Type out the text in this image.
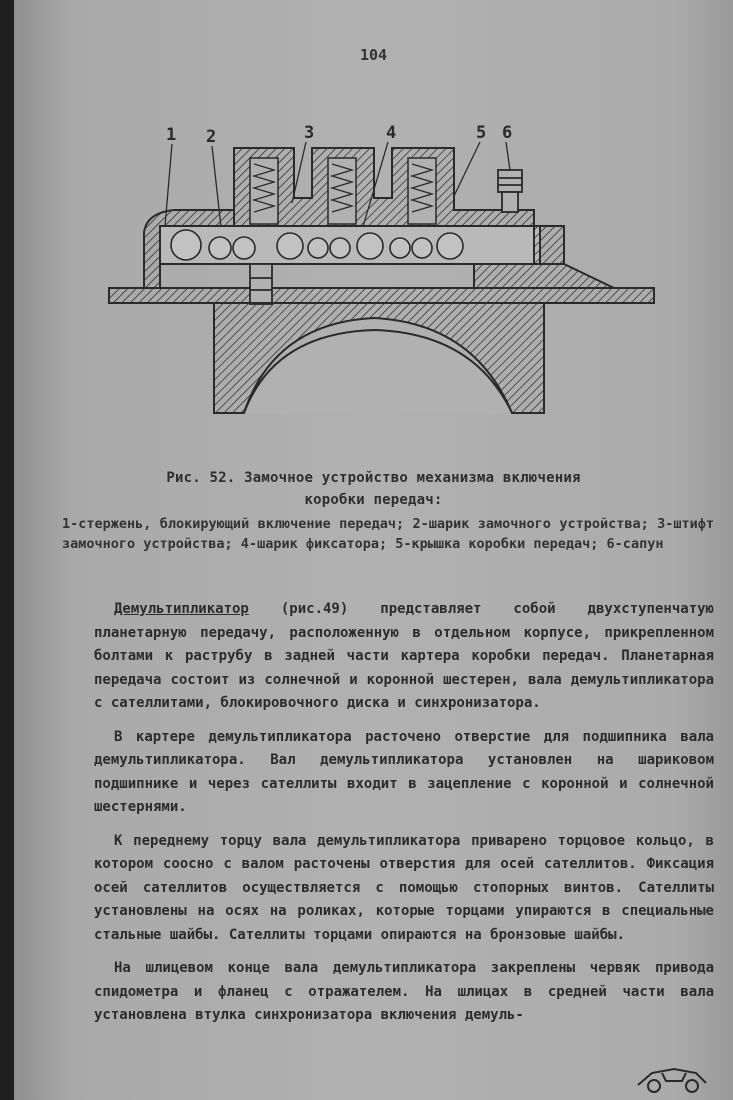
104
1 2	3	4	5 6
Рис. 52. Замочное устройство механизма включения
коробки передач:
1-стержень, блокирующий включение передач; 2-шарик замочного устройства; 3-штифт замочного устройства; 4-шарик фиксатора; 5-крышка коробки передач; 6-сапун

Демультипликатор (рис.49) представляет собой двухступенчатую планетарную передачу, расположенную в отдельном корпусе, прикрепленном болтами к раструбу в задней части картера коробки передач. Планетарная передача состоит из солнечной и коронной шестерен, вала демультипликатора с сателлитами, блокировочного диска и синхронизатора.

В картере демультипликатора расточено отверстие для подшипника вала демультипликатора. Вал демультипликатора установлен на шариковом подшипнике и через сателлиты входит в зацепление с коронной и солнечной шестернями.

К переднему торцу вала демультипликатора приварено торцовое кольцо, в котором соосно с валом расточены отверстия для осей сателлитов. Фиксация осей сателлитов осуществляется с помощью стопорных винтов. Сателлиты установлены на осях на роликах, которые торцами упираются в специальные стальные шайбы. Сателлиты торцами опираются на бронзовые шайбы.

На шлицевом конце вала демультипликатора закреплены червяк привода спидометра и фланец с отражателем. На шлицах в средней части вала установлена втулка синхронизатора включения демуль-
